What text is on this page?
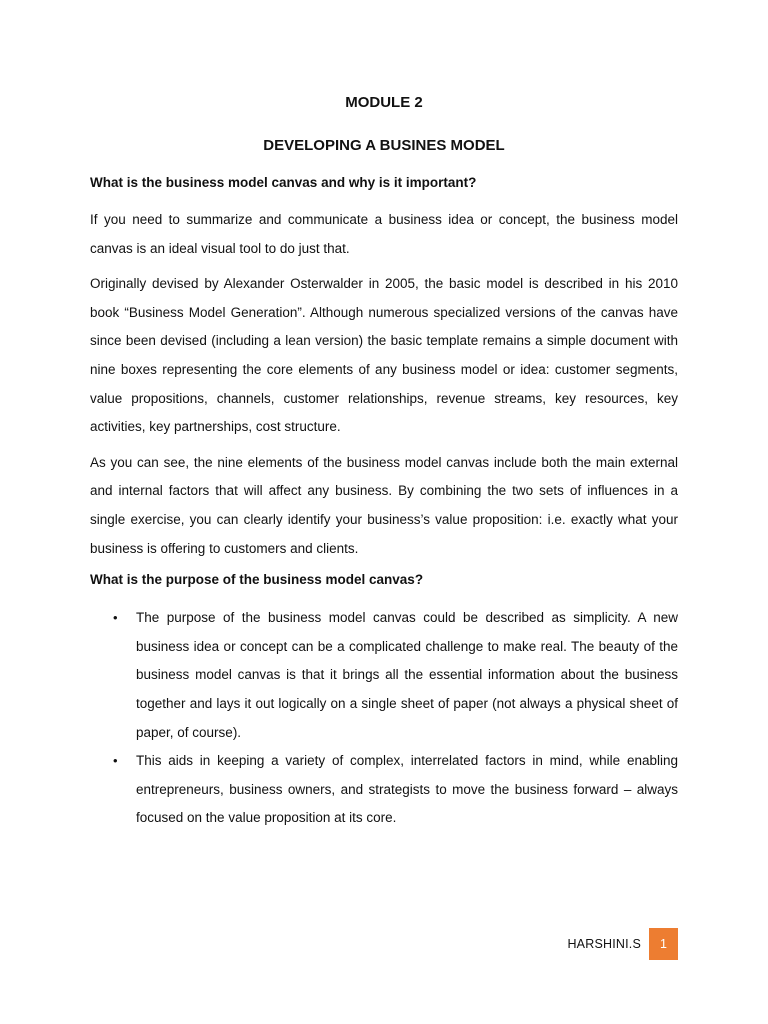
MODULE 2
DEVELOPING A BUSINES MODEL
What is the business model canvas and why is it important?

If you need to summarize and communicate a business idea or concept, the business model canvas is an ideal visual tool to do just that.

Originally devised by Alexander Osterwalder in 2005, the basic model is described in his 2010 book “Business Model Generation”. Although numerous specialized versions of the canvas have since been devised (including a lean version) the basic template remains a simple document with nine boxes representing the core elements of any business model or idea: customer segments, value propositions, channels, customer relationships, revenue streams, key resources, key activities, key partnerships, cost structure.

As you can see, the nine elements of the business model canvas include both the main external and internal factors that will affect any business. By combining the two sets of influences in a single exercise, you can clearly identify your business’s value proposition: i.e. exactly what your business is offering to customers and clients.

What is the purpose of the business model canvas?
• The purpose of the business model canvas could be described as simplicity. A new business idea or concept can be a complicated challenge to make real. The beauty of the business model canvas is that it brings all the essential information about the business together and lays it out logically on a single sheet of paper (not always a physical sheet of paper, of course).
• This aids in keeping a variety of complex, interrelated factors in mind, while enabling entrepreneurs, business owners, and strategists to move the business forward – always focused on the value proposition at its core.
HARSHINI.S	1
